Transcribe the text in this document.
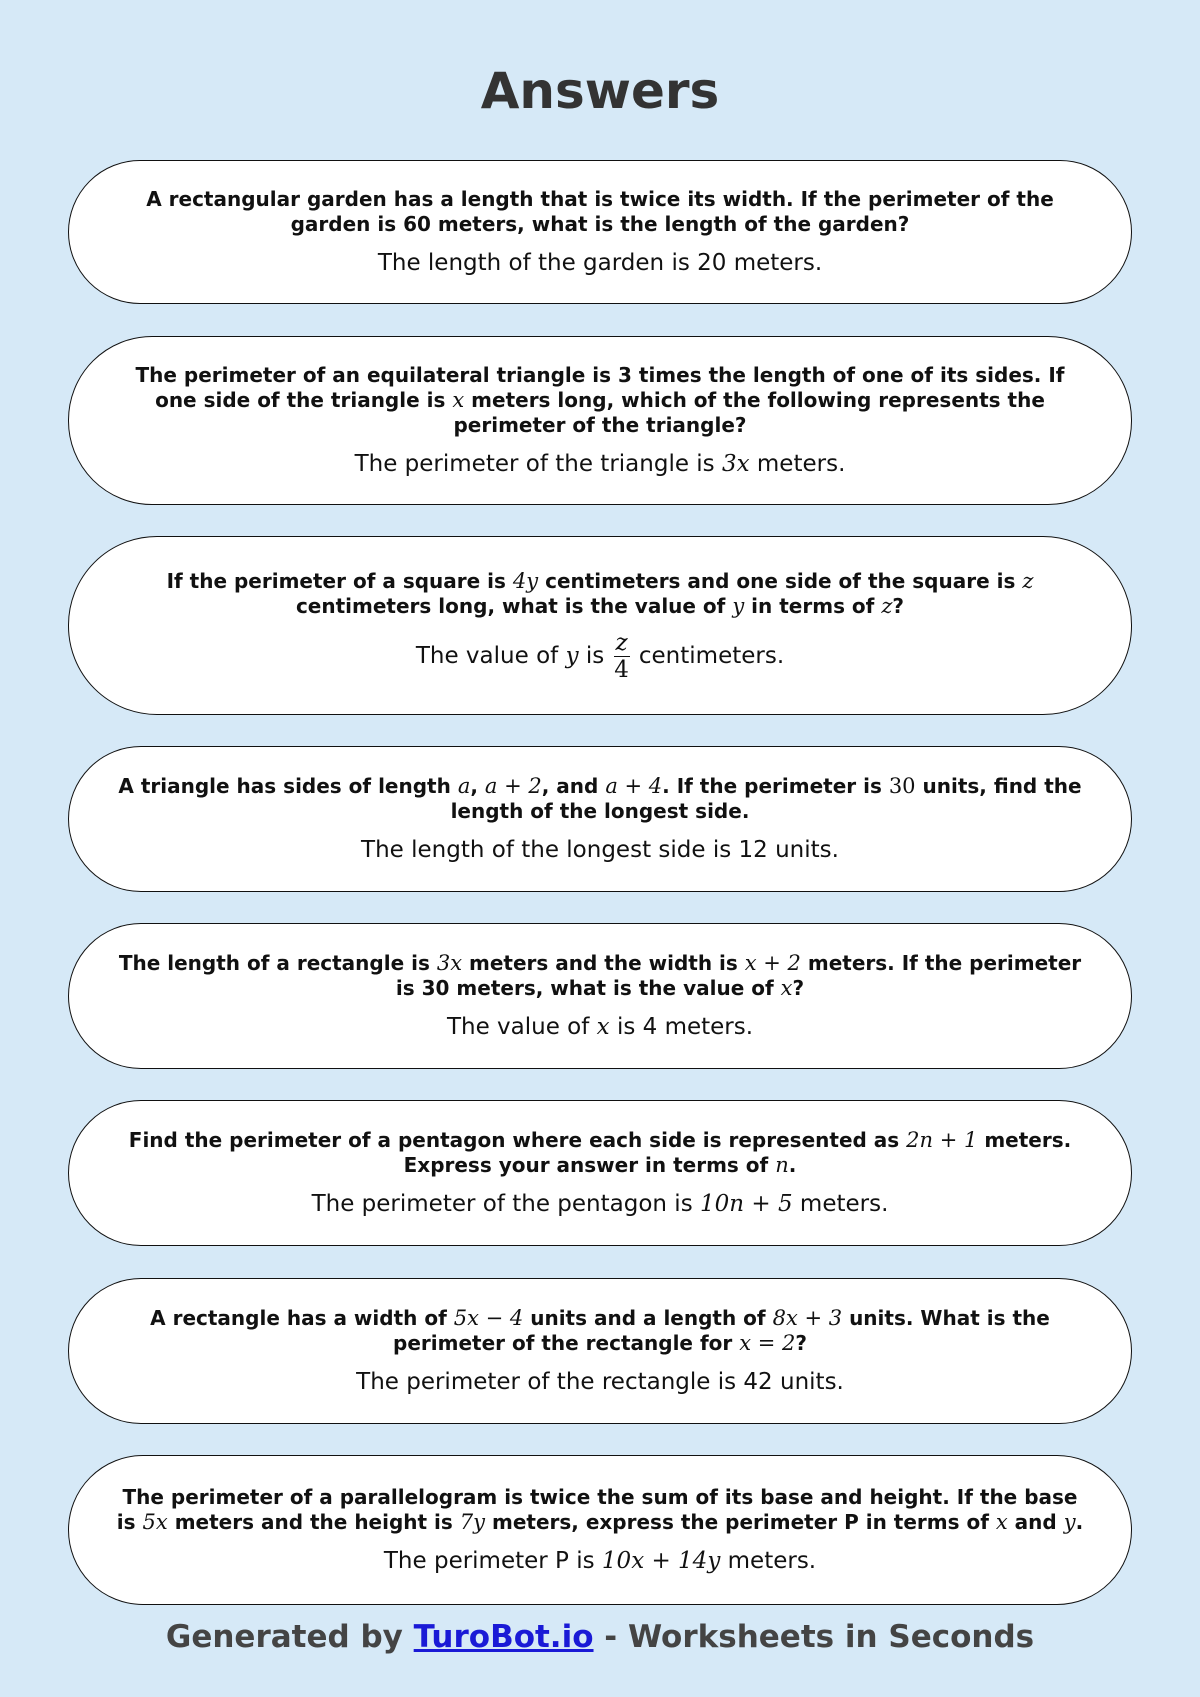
Answers
A rectangular garden has a length that is twice its width. If the perimeter of the garden is 60 meters, what is the length of the garden?
The length of the garden is 20 meters.
The perimeter of an equilateral triangle is 3 times the length of one of its sides. If one side of the triangle is x meters long, which of the following represents the perimeter of the triangle?
The perimeter of the triangle is
3x
meters.
If the perimeter of a square is 4y centimeters and one side of the square is z centimeters long, what is the value of y in terms of z?
The value of
y
is $\frac{z}{4}$ centimeters.
A triangle has sides of length a, a + 2, and a + 4. If the perimeter is 30 units, find the length of the longest side.
The length of the longest side is 12 units.
The length of a rectangle is 3x meters and the width is x + 2 meters. If the perimeter is 30 meters, what is the value of x?
The value of
x
is 4 meters.
Find the perimeter of a pentagon where each side is represented as 2n + 1 meters. Express your answer in terms of n.
The perimeter of the pentagon is
10n + 5
meters.
A rectangle has a width of 5x − 4 units and a length of 8x + 3 units. What is the perimeter of the rectangle for x = 2?
The perimeter of the rectangle is 42 units.
The perimeter of a parallelogram is twice the sum of its base and height. If the base is 5x meters and the height is 7y meters, express the perimeter P in terms of x and y.
The perimeter P is
10x + 14y
meters.
Generated by TuroBot.io - Worksheets in Seconds
